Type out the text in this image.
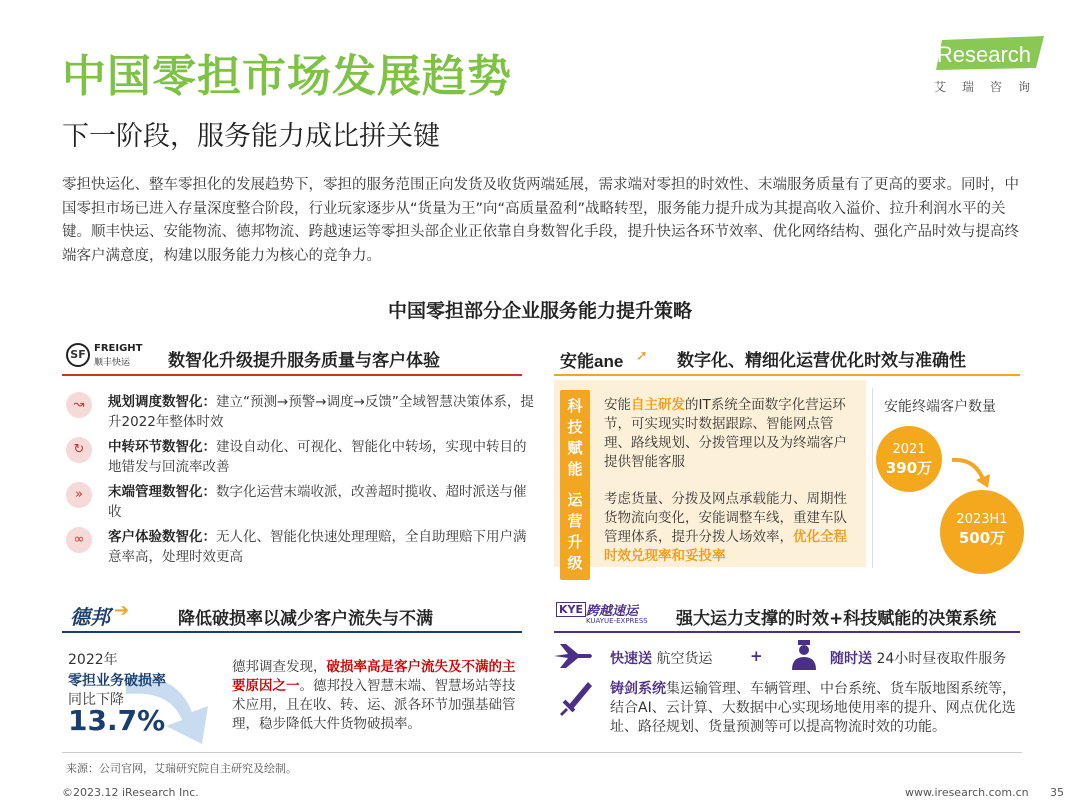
中国零担市场发展趋势
下一阶段，服务能力成比拼关键
iResearch
艾瑞咨询
零担快运化、整车零担化的发展趋势下，零担的服务范围正向发货及收货两端延展，需求端对零担的时效性、末端服务质量有了更高的要求。同时，中国零担市场已进入存量深度整合阶段，行业玩家逐步从“货量为王”向“高质量盈利”战略转型，服务能力提升成为其提高收入溢价、拉升利润水平的关键。顺丰快运、安能物流、德邦物流、跨越速运等零担头部企业正依靠自身数智化手段，提升快运各环节效率、优化网络结构、强化产品时效与提高终端客户满意度，构建以服务能力为核心的竞争力。
中国零担部分企业服务能力提升策略
SF FREIGHT
顺丰快运 数智化升级提升服务质量与客户体验
↝	规划调度数智化：建立“预测→预警→调度→反馈”全域智慧决策体系，提升2022年整体时效
↻	中转环节数智化：建设自动化、可视化、智能化中转场，实现中转目的地错发与回流率改善
»	末端管理数智化：数字化运营末端收派，改善超时揽收、超时派送与催收
∞	客户体验数智化：无人化、智能化快速处理理赔，全自助理赔下用户满意率高，处理时效更高
安能ane ➚ 数字化、精细化运营优化时效与准确性
科
技
赋
能
安能自主研发的IT系统全面数字化营运环节，可实现实时数据跟踪、智能网点管理、路线规划、分拨管理以及为终端客户提供智能客服
运
营
升
级
考虑货量、分拨及网点承载能力、周期性货物流向变化，安能调整车线，重建车队管理体系，提升分拨人场效率，优化全程时效兑现率和妥投率
安能终端客户数量
2021
390万
2023H1
500万
德邦 ➔	降低破损率以减少客户流失与不满
2022年
零担业务破损率
同比下降
13.7%
德邦调查发现，破损率高是客户流失及不满的主要原因之一。德邦投入智慧末端、智慧场站等技术应用，且在收、转、运、派各环节加强基础管理，稳步降低大件货物破损率。
KYE 跨越速运
KUAYUE-EXPRESS 强大运力支撑的时效+科技赋能的决策系统
快速送 航空货运	+	随时送 24小时昼夜取件服务
铸剑系统集运输管理、车辆管理、中台系统、货车版地图系统等，结合AI、云计算、大数据中心实现场地使用率的提升、网点优化选址、路径规划、货量预测等可以提高物流时效的功能。
来源：公司官网，艾瑞研究院自主研究及绘制。
©2023.12 iResearch Inc.	www.iresearch.com.cn 35
